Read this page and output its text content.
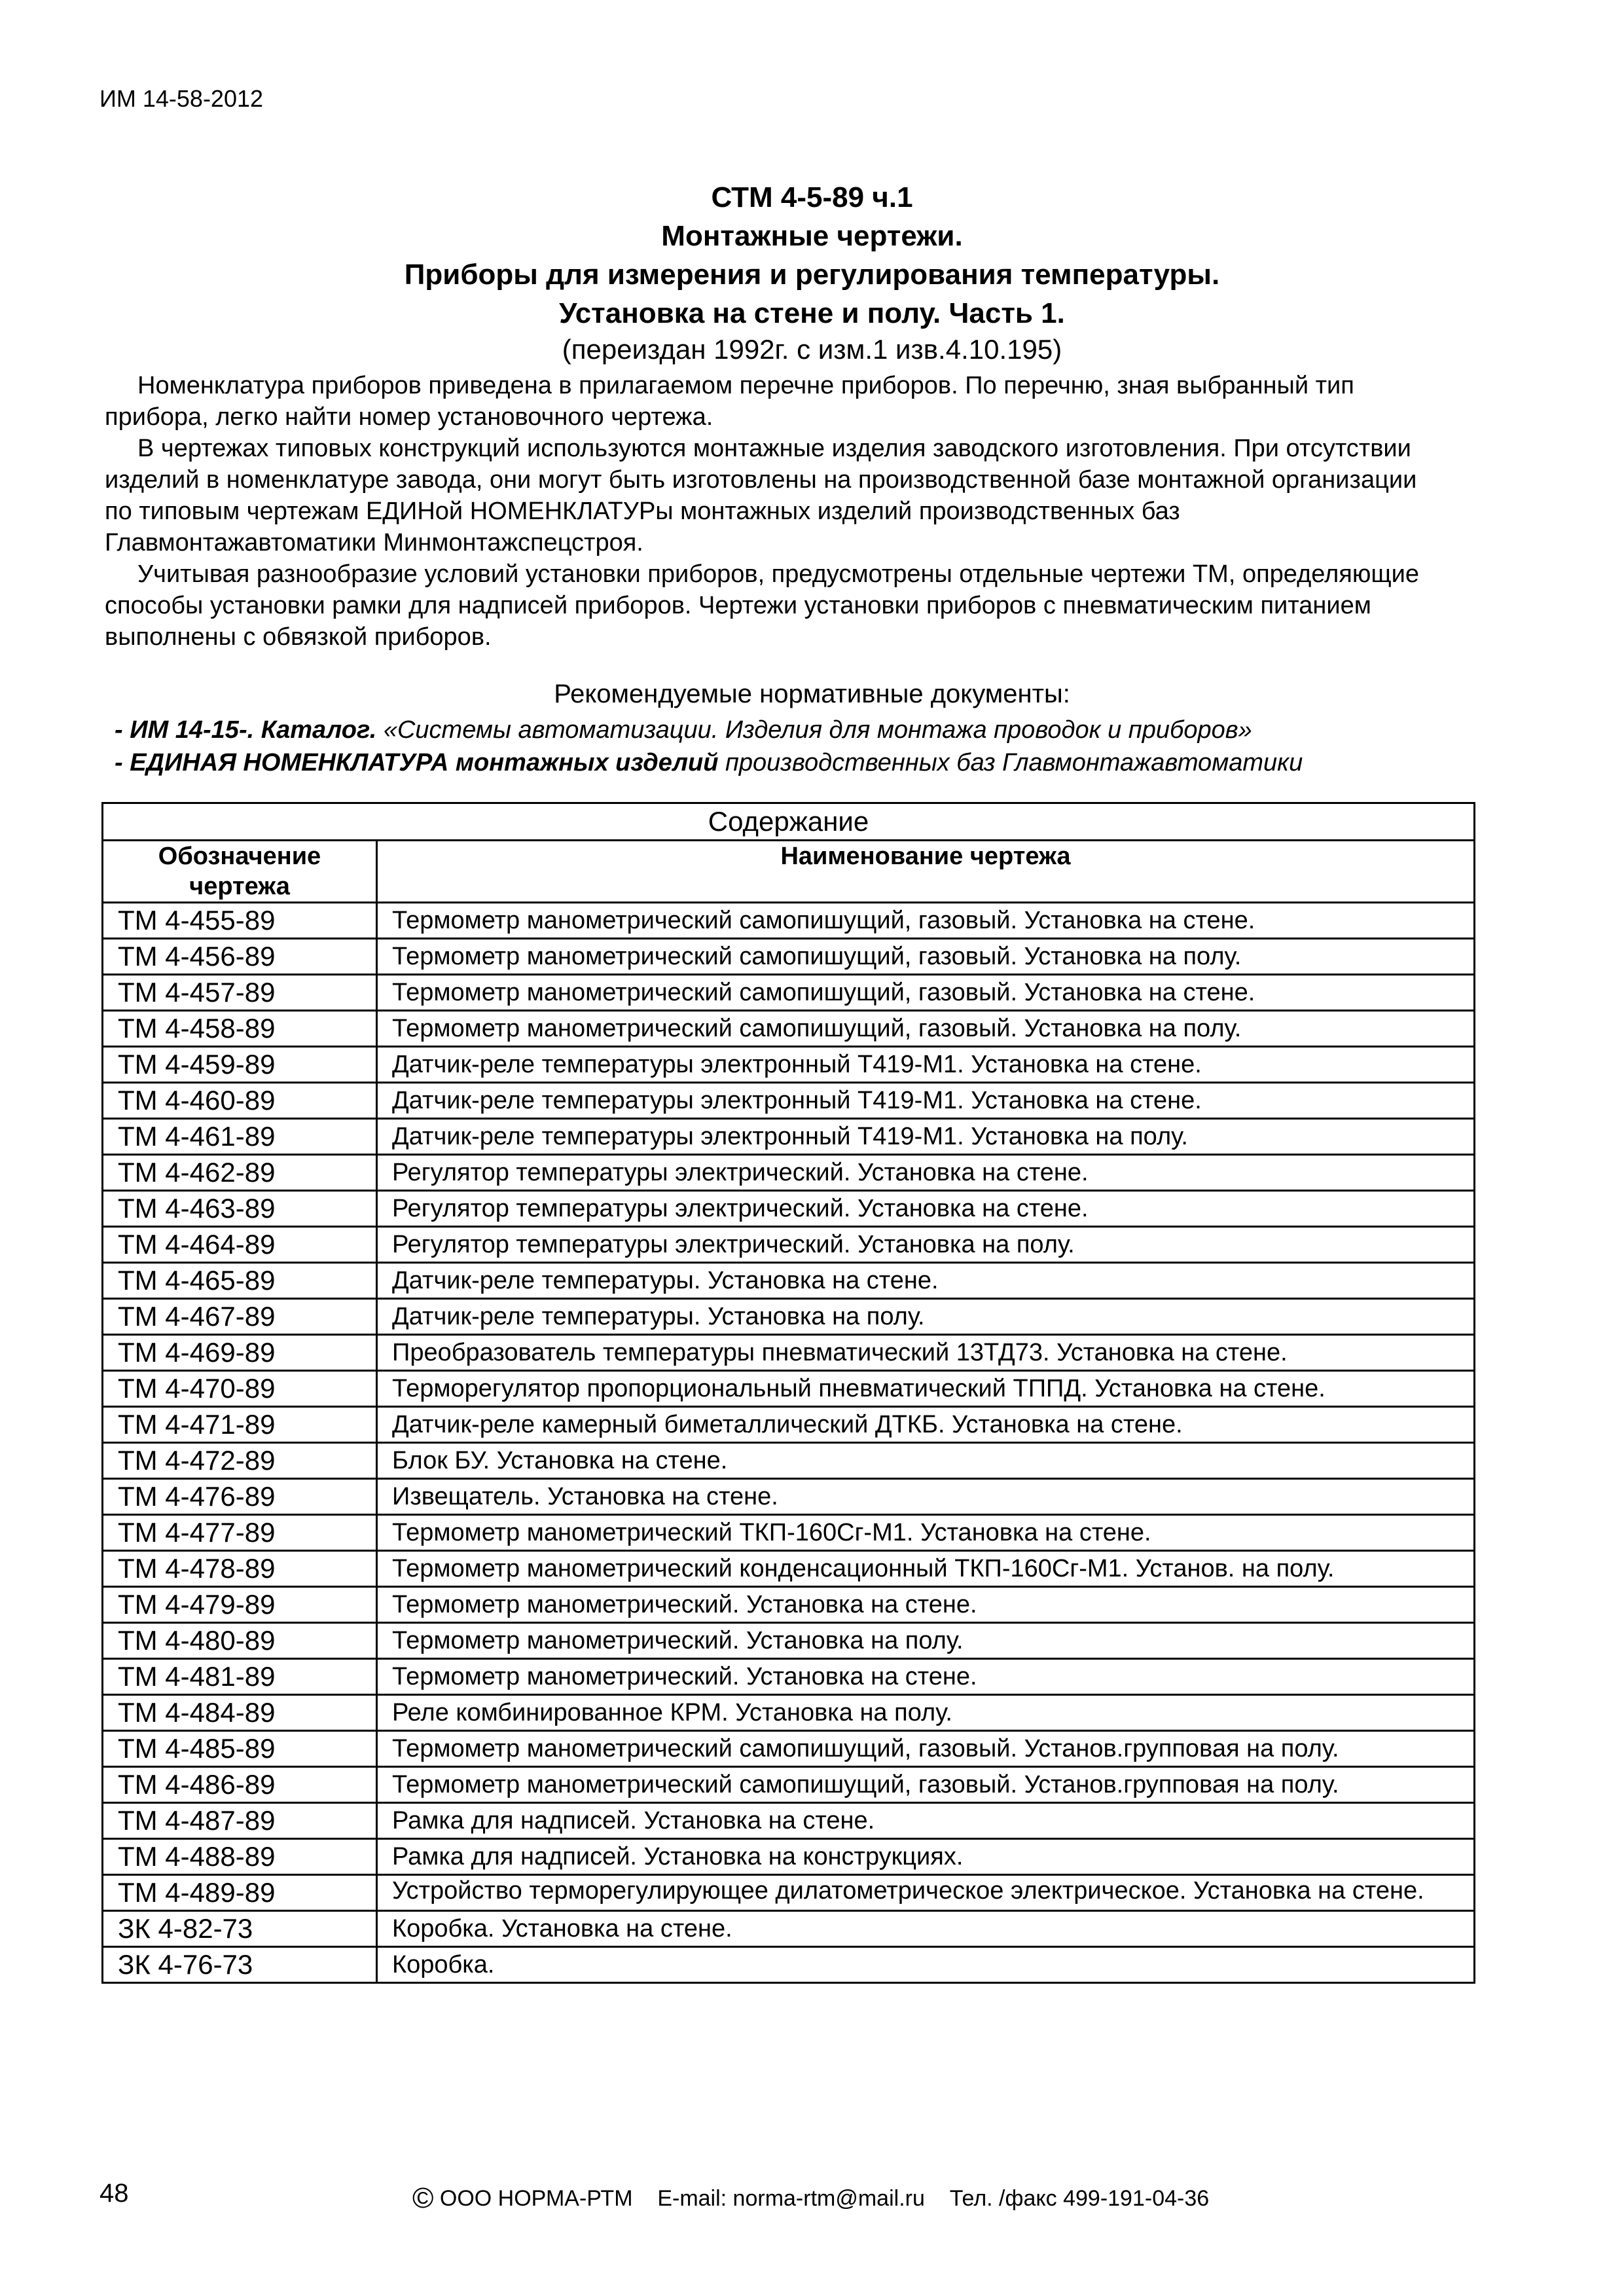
ИМ 14-58-2012
СТМ 4-5-89 ч.1
Монтажные чертежи.
Приборы для измерения и регулирования температуры.
Установка на стене и полу. Часть 1.
(переиздан 1992г. с изм.1 изв.4.10.195)

Номенклатура приборов приведена в прилагаемом перечне приборов. По перечню, зная выбранный тип прибора, легко найти номер установочного чертежа.

В чертежах типовых конструкций используются монтажные изделия заводского изготовления. При отсутствии изделий в номенклатуре завода, они могут быть изготовлены на производственной базе монтажной организации по типовым чертежам ЕДИНой НОМЕНКЛАТУРы монтажных изделий производственных баз Главмонтажавтоматики Минмонтажспецстроя.

Учитывая разнообразие условий установки приборов, предусмотрены отдельные чертежи ТМ, определяющие способы установки рамки для надписей приборов. Чертежи установки приборов с пневматическим питанием выполнены с обвязкой приборов.

Рекомендуемые нормативные документы:
- ИМ 14-15-. Каталог. «Системы автоматизации. Изделия для монтажа проводок и приборов»
- ЕДИНАЯ НОМЕНКЛАТУРА монтажных изделий производственных баз Главмонтажавтоматики
Содержание	
Обозначение чертежа	Наименование чертежа
ТМ 4-455-89	Термометр манометрический самопишущий, газовый. Установка на стене.
ТМ 4-456-89	Термометр манометрический самопишущий, газовый. Установка на полу.
ТМ 4-457-89	Термометр манометрический самопишущий, газовый. Установка на стене.
ТМ 4-458-89	Термометр манометрический самопишущий, газовый. Установка на полу.
ТМ 4-459-89	Датчик-реле температуры электронный Т419-М1. Установка на стене.
ТМ 4-460-89	Датчик-реле температуры электронный Т419-М1. Установка на стене.
ТМ 4-461-89	Датчик-реле температуры электронный Т419-М1. Установка на полу.
ТМ 4-462-89	Регулятор температуры электрический. Установка на стене.
ТМ 4-463-89	Регулятор температуры электрический. Установка на стене.
ТМ 4-464-89	Регулятор температуры электрический. Установка на полу.
ТМ 4-465-89	Датчик-реле температуры. Установка на стене.
ТМ 4-467-89	Датчик-реле температуры. Установка на полу.
ТМ 4-469-89	Преобразователь температуры пневматический 13ТД73. Установка на стене.
ТМ 4-470-89	Терморегулятор пропорциональный пневматический ТППД. Установка на стене.
ТМ 4-471-89	Датчик-реле камерный биметаллический ДТКБ. Установка на стене.
ТМ 4-472-89	Блок БУ. Установка на стене.
ТМ 4-476-89	Извещатель. Установка на стене.
ТМ 4-477-89	Термометр манометрический ТКП-160Сг-М1. Установка на стене.
ТМ 4-478-89	Термометр манометрический конденсационный ТКП-160Сг-М1. Установ. на полу.
ТМ 4-479-89	Термометр манометрический. Установка на стене.
ТМ 4-480-89	Термометр манометрический. Установка на полу.
ТМ 4-481-89	Термометр манометрический. Установка на стене.
ТМ 4-484-89	Реле комбинированное КРМ. Установка на полу.
ТМ 4-485-89	Термометр манометрический самопишущий, газовый. Установ.групповая на полу.
ТМ 4-486-89	Термометр манометрический самопишущий, газовый. Установ.групповая на полу.
ТМ 4-487-89	Рамка для надписей. Установка на стене.
ТМ 4-488-89	Рамка для надписей. Установка на конструкциях.
ТМ 4-489-89	Устройство терморегулирующее дилатометрическое электрическое. Установка на стене.
ЗК 4-82-73	Коробка. Установка на стене.
ЗК 4-76-73	Коробка.
48	© ООО НОРМА-РТМ E-mail: norma-rtm@mail.ru Тел. /факс 499-191-04-36
